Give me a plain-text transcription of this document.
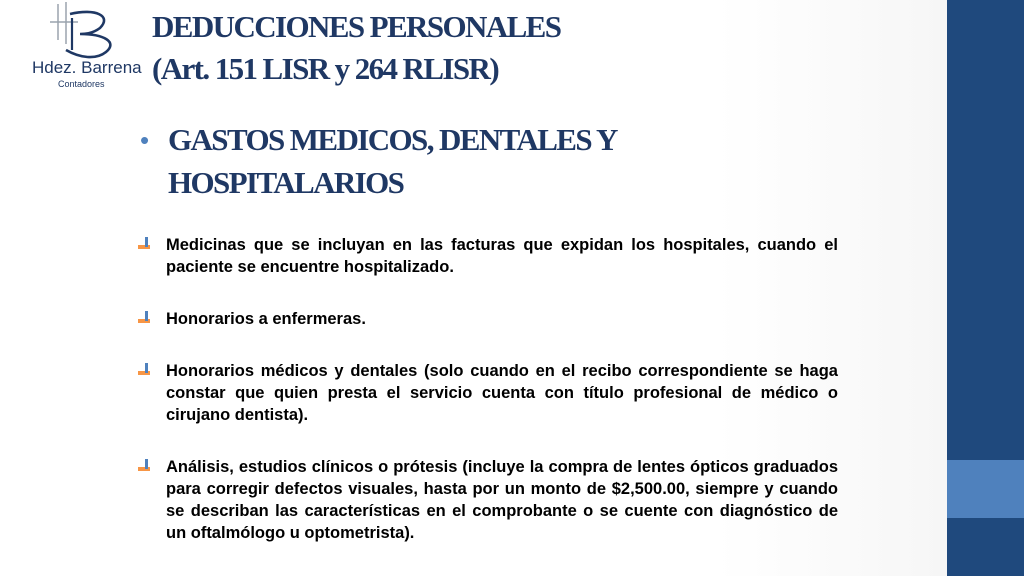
Hdez. Barrena
Contadores
DEDUCCIONES PERSONALES
(Art. 151 LISR y 264 RLISR)
• GASTOS MEDICOS, DENTALES Y HOSPITALARIOS
Medicinas que se incluyan en las facturas que expidan los hospitales, cuando el paciente se encuentre hospitalizado.
Honorarios a enfermeras.
Honorarios médicos y dentales (solo cuando en el recibo correspondiente se haga constar que quien presta el servicio cuenta con título profesional de médico o cirujano dentista).
Análisis, estudios clínicos o prótesis (incluye la compra de lentes ópticos graduados para corregir defectos visuales, hasta por un monto de $2,500.00, siempre y cuando se describan las características en el comprobante o se cuente con diagnóstico de un oftalmólogo u optometrista).
